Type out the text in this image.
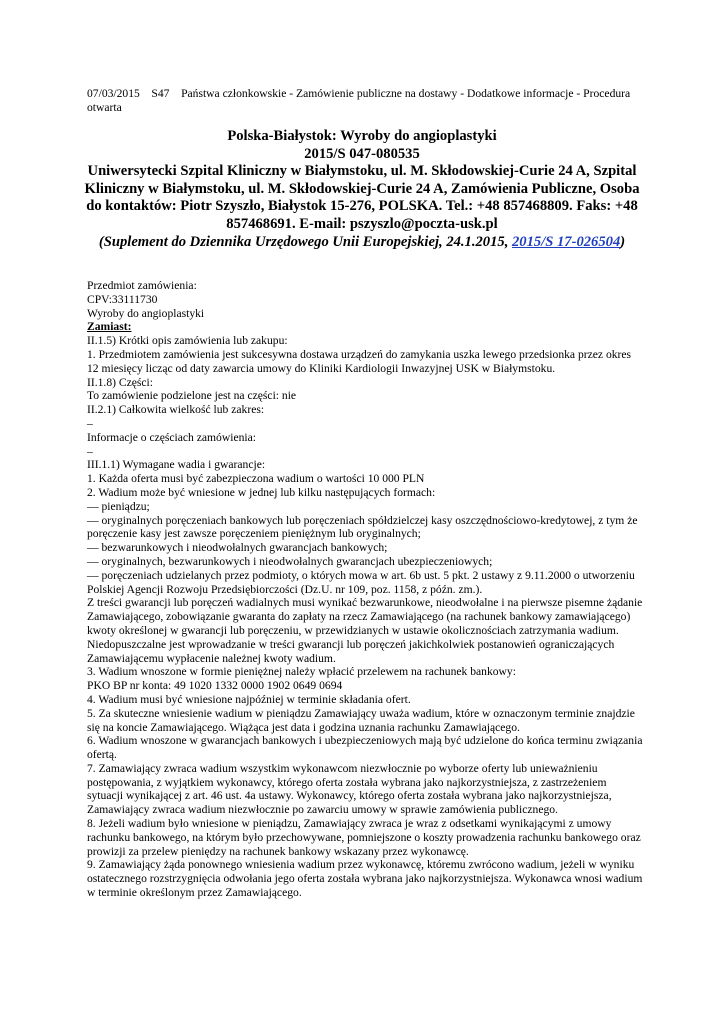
07/03/2015 S47 Państwa członkowskie - Zamówienie publiczne na dostawy - Dodatkowe informacje - Procedura otwarta
Polska-Białystok: Wyroby do angioplastyki
2015/S 047-080535
Uniwersytecki Szpital Kliniczny w Białymstoku, ul. M. Skłodowskiej-Curie 24 A, Szpital Kliniczny w Białymstoku, ul. M. Skłodowskiej-Curie 24 A, Zamówienia Publiczne, Osoba do kontaktów: Piotr Szyszło, Białystok 15-276, POLSKA. Tel.: +48 857468809. Faks: +48 857468691. E-mail: pszyszlo@poczta-usk.pl
(Suplement do Dziennika Urzędowego Unii Europejskiej, 24.1.2015, 2015/S 17-026504)

Przedmiot zamówienia:

CPV:33111730

Wyroby do angioplastyki

Zamiast:

II.1.5) Krótki opis zamówienia lub zakupu:

1. Przedmiotem zamówienia jest sukcesywna dostawa urządzeń do zamykania uszka lewego przedsionka przez okres 12 miesięcy licząc od daty zawarcia umowy do Kliniki Kardiologii Inwazyjnej USK w Białymstoku.

II.1.8) Części:

To zamówienie podzielone jest na części: nie

II.2.1) Całkowita wielkość lub zakres:

–

Informacje o częściach zamówienia:

–

III.1.1) Wymagane wadia i gwarancje:

1. Każda oferta musi być zabezpieczona wadium o wartości 10 000 PLN

2. Wadium może być wniesione w jednej lub kilku następujących formach:

— pieniądzu;

— oryginalnych poręczeniach bankowych lub poręczeniach spółdzielczej kasy oszczędnościowo-kredytowej, z tym że poręczenie kasy jest zawsze poręczeniem pieniężnym lub oryginalnych;

— bezwarunkowych i nieodwołalnych gwarancjach bankowych;

— oryginalnych, bezwarunkowych i nieodwołalnych gwarancjach ubezpieczeniowych;

— poręczeniach udzielanych przez podmioty, o których mowa w art. 6b ust. 5 pkt. 2 ustawy z 9.11.2000 o utworzeniu Polskiej Agencji Rozwoju Przedsiębiorczości (Dz.U. nr 109, poz. 1158, z późn. zm.).

Z treści gwarancji lub poręczeń wadialnych musi wynikać bezwarunkowe, nieodwołalne i na pierwsze pisemne żądanie Zamawiającego, zobowiązanie gwaranta do zapłaty na rzecz Zamawiającego (na rachunek bankowy zamawiającego) kwoty określonej w gwarancji lub poręczeniu, w przewidzianych w ustawie okolicznościach zatrzymania wadium. Niedopuszczalne jest wprowadzanie w treści gwarancji lub poręczeń jakichkolwiek postanowień ograniczających Zamawiającemu wypłacenie należnej kwoty wadium.

3. Wadium wnoszone w formie pieniężnej należy wpłacić przelewem na rachunek bankowy:

PKO BP nr konta: 49 1020 1332 0000 1902 0649 0694

4. Wadium musi być wniesione najpóźniej w terminie składania ofert.

5. Za skuteczne wniesienie wadium w pieniądzu Zamawiający uważa wadium, które w oznaczonym terminie znajdzie się na koncie Zamawiającego. Wiążąca jest data i godzina uznania rachunku Zamawiającego.

6. Wadium wnoszone w gwarancjach bankowych i ubezpieczeniowych mają być udzielone do końca terminu związania ofertą.

7. Zamawiający zwraca wadium wszystkim wykonawcom niezwłocznie po wyborze oferty lub unieważnieniu postępowania, z wyjątkiem wykonawcy, którego oferta została wybrana jako najkorzystniejsza, z zastrzeżeniem sytuacji wynikającej z art. 46 ust. 4a ustawy. Wykonawcy, którego oferta została wybrana jako najkorzystniejsza, Zamawiający zwraca wadium niezwłocznie po zawarciu umowy w sprawie zamówienia publicznego.

8. Jeżeli wadium było wniesione w pieniądzu, Zamawiający zwraca je wraz z odsetkami wynikającymi z umowy rachunku bankowego, na którym było przechowywane, pomniejszone o koszty prowadzenia rachunku bankowego oraz prowizji za przelew pieniędzy na rachunek bankowy wskazany przez wykonawcę.

9. Zamawiający żąda ponownego wniesienia wadium przez wykonawcę, któremu zwrócono wadium, jeżeli w wyniku ostatecznego rozstrzygnięcia odwołania jego oferta została wybrana jako najkorzystniejsza. Wykonawca wnosi wadium w terminie określonym przez Zamawiającego.
